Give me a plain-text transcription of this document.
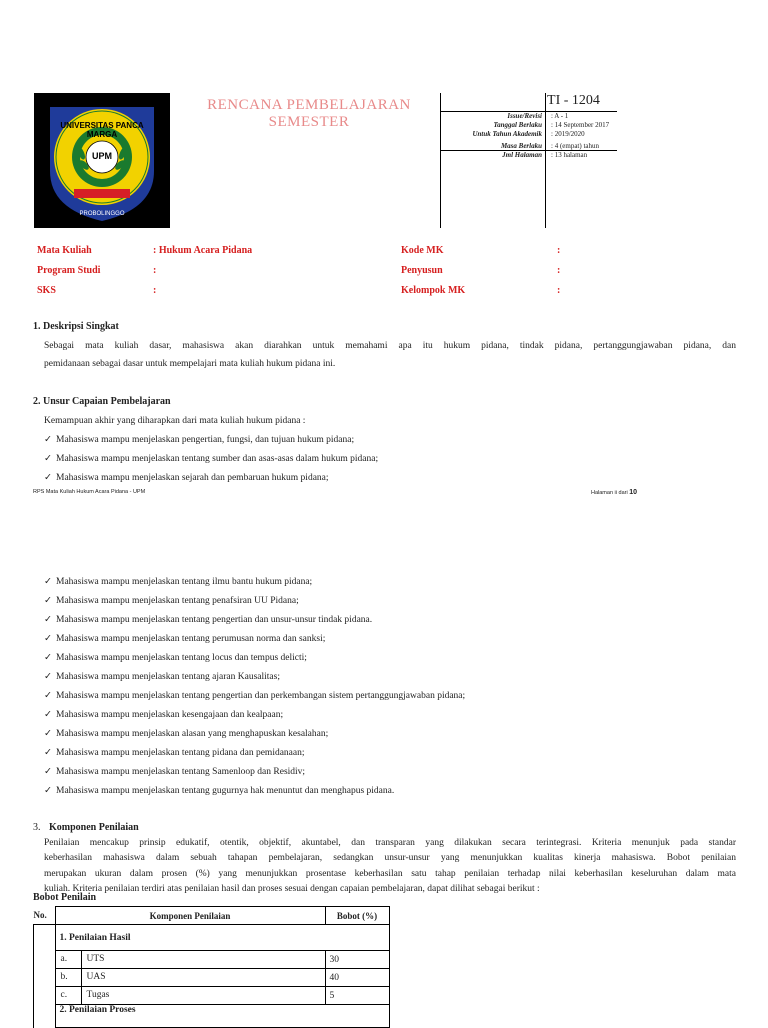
UNIVERSITAS PANCA MARGA
UPM
PROBOLINGGO
RENCANA PEMBELAJARAN
SEMESTER
TI - 1204
Issue/Revisi : A - 1
Tanggal Berlaku : 14 September 2017
Untuk Tahun Akademik : 2019/2020
Masa Berlaku : 4 (empat) tahun
Jml Halaman : 13 halaman
Mata Kuliah	: Hukum Acara Pidana
Program Studi	:
SKS	:
Kode MK	:
Penyusun	:
Kelompok MK	:
1. Deskripsi Singkat
Sebagai mata kuliah dasar, mahasiswa akan diarahkan untuk memahami apa itu hukum pidana, tindak pidana, pertanggungjawaban pidana, dan
pemidanaan sebagai dasar untuk mempelajari mata kuliah hukum pidana ini.
2. Unsur Capaian Pembelajaran
Kemampuan akhir yang diharapkan dari mata kuliah hukum pidana :
✓ Mahasiswa mampu menjelaskan pengertian, fungsi, dan tujuan hukum pidana;
✓ Mahasiswa mampu menjelaskan tentang sumber dan asas-asas dalam hukum pidana;
✓ Mahasiswa mampu menjelaskan sejarah dan pembaruan hukum pidana;
RPS Mata Kuliah Hukum Acara Pidana - UPM	Halaman ii dari 10
✓ Mahasiswa mampu menjelaskan tentang ilmu bantu hukum pidana;
✓ Mahasiswa mampu menjelaskan tentang penafsiran UU Pidana;
✓ Mahasiswa mampu menjelaskan tentang pengertian dan unsur-unsur tindak pidana.
✓ Mahasiswa mampu menjelaskan tentang perumusan norma dan sanksi;
✓ Mahasiswa mampu menjelaskan tentang locus dan tempus delicti;
✓ Mahasiswa mampu menjelaskan tentang ajaran Kausalitas;
✓ Mahasiswa mampu menjelaskan tentang pengertian dan perkembangan sistem pertanggungjawaban pidana;
✓ Mahasiswa mampu menjelaskan kesengajaan dan kealpaan;
✓ Mahasiswa mampu menjelaskan alasan yang menghapuskan kesalahan;
✓ Mahasiswa mampu menjelaskan tentang pidana dan pemidanaan;
✓ Mahasiswa mampu menjelaskan tentang Samenloop dan Residiv;
✓ Mahasiswa mampu menjelaskan tentang gugurnya hak menuntut dan menghapus pidana.
3. Komponen Penilaian
Penilaian mencakup prinsip edukatif, otentik, objektif, akuntabel, dan transparan yang dilakukan secara terintegrasi. Kriteria menunjuk pada standar
keberhasilan mahasiswa dalam sebuah tahapan pembelajaran, sedangkan unsur-unsur yang menunjukkan kualitas kinerja mahasiswa. Bobot penilaian
merupakan ukuran dalam prosen (%) yang menunjukkan prosentase keberhasilan satu tahap penilaian terhadap nilai keberhasilan keseluruhan dalam mata
kuliah. Kriteria penilaian terdiri atas penilaian hasil dan proses sesuai dengan capaian pembelajaran, dapat dilihat sebagai berikut :
Bobot Penilain
No.	Komponen Penilaian	Bobot (%)
	1. Penilaian Hasil	
	a. UTS	30
	b. UAS	40
	c. Tugas	5
	2. Penilaian Proses	
